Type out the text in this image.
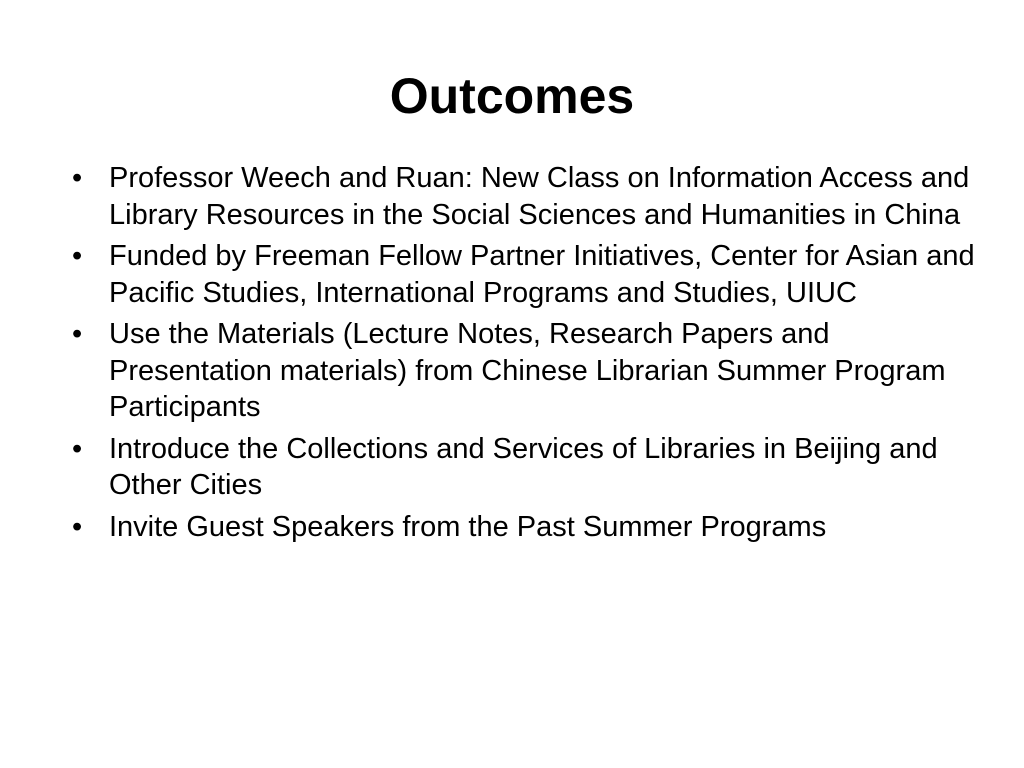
Outcomes
• Professor Weech and Ruan: New Class on Information Access and Library Resources in the Social Sciences and Humanities in China
• Funded by Freeman Fellow Partner Initiatives, Center for Asian and Pacific Studies, International Programs and Studies, UIUC
• Use the Materials (Lecture Notes, Research Papers and Presentation materials) from Chinese Librarian Summer Program Participants
• Introduce the Collections and Services of Libraries in Beijing and Other Cities
• Invite Guest Speakers from the Past Summer Programs
